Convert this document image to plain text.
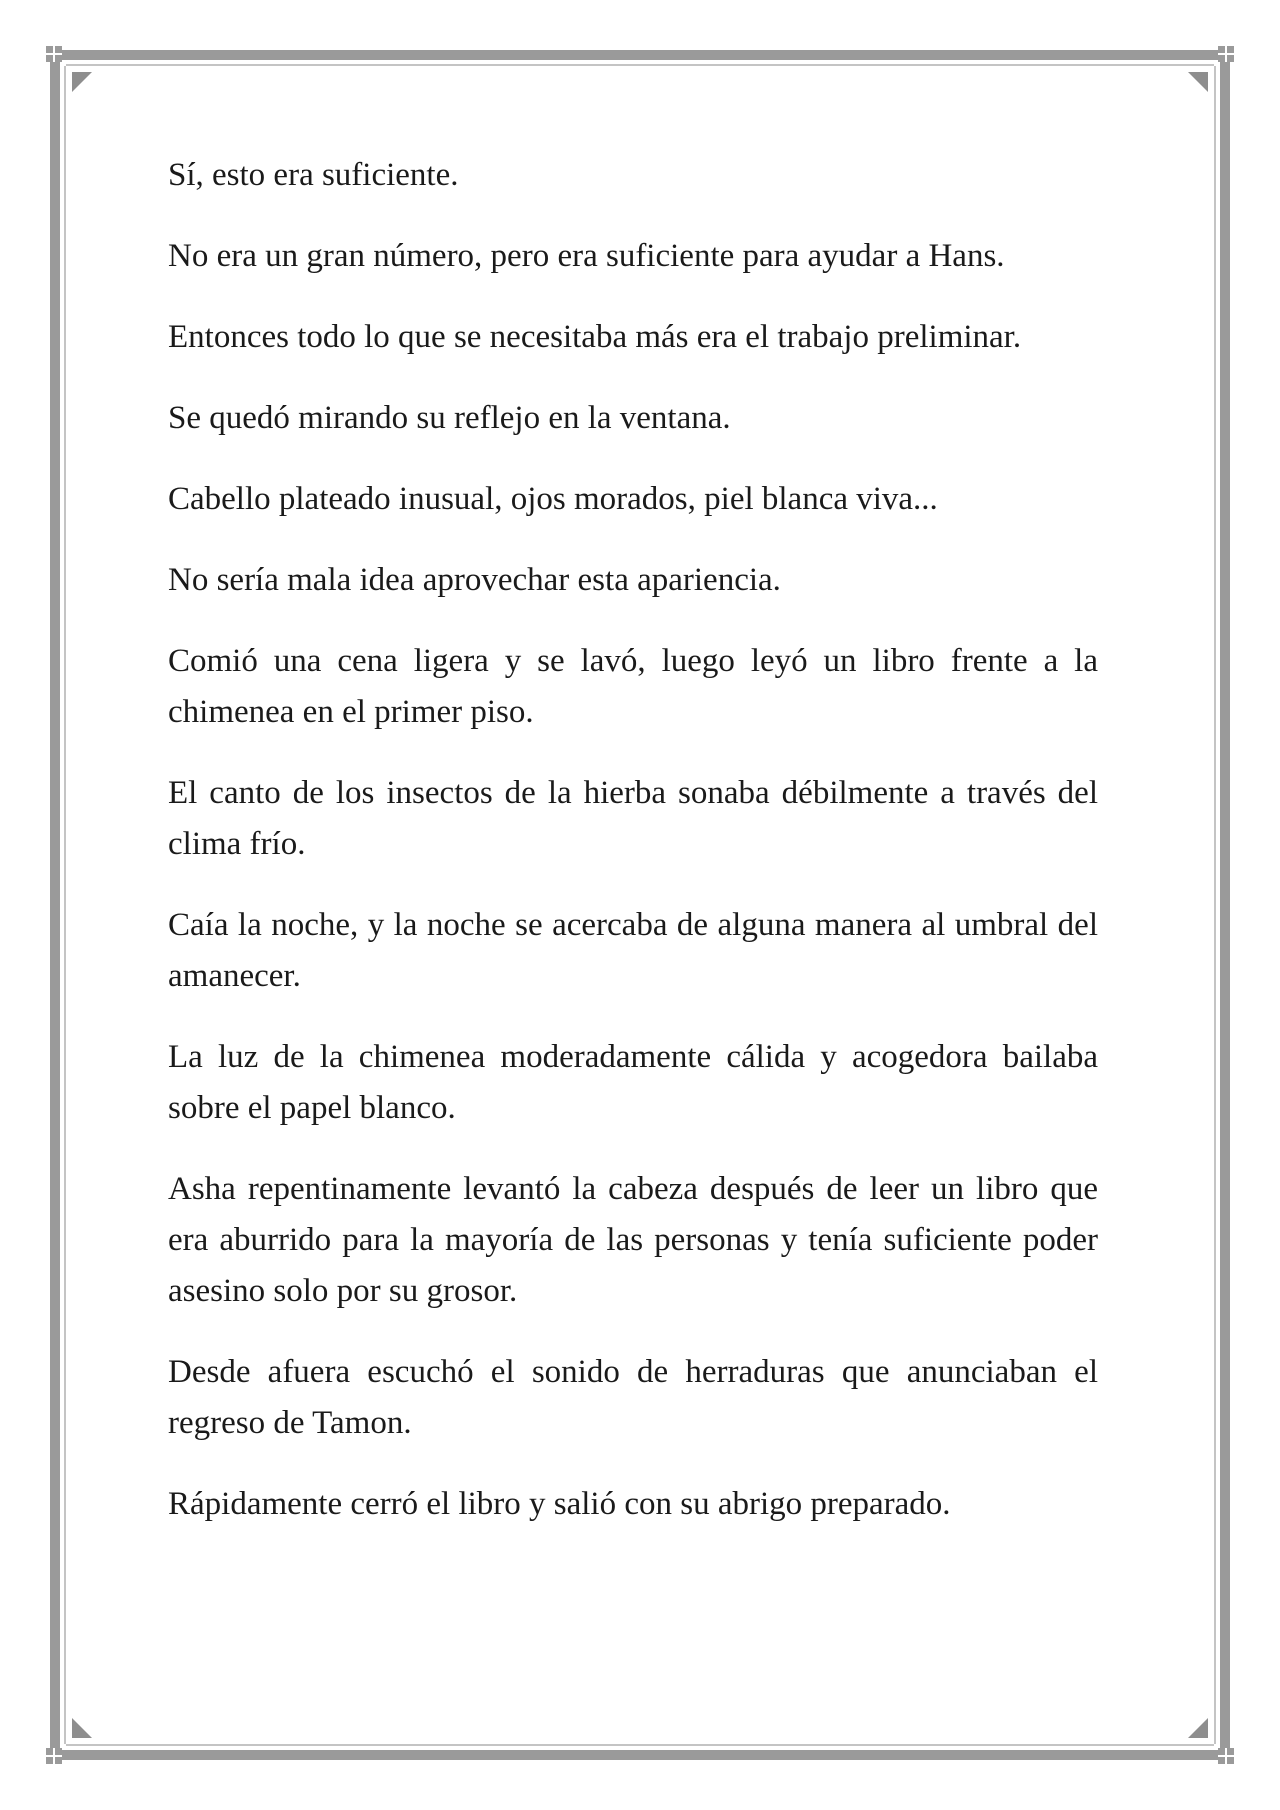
Sí, esto era suficiente.

No era un gran número, pero era suficiente para ayudar a Hans.

Entonces todo lo que se necesitaba más era el trabajo preliminar.

Se quedó mirando su reflejo en la ventana.

Cabello plateado inusual, ojos morados, piel blanca viva...

No sería mala idea aprovechar esta apariencia.

Comió una cena ligera y se lavó, luego leyó un libro frente a la chimenea en el primer piso.

El canto de los insectos de la hierba sonaba débilmente a través del clima frío.

Caía la noche, y la noche se acercaba de alguna manera al umbral del amanecer.

La luz de la chimenea moderadamente cálida y acogedora bailaba sobre el papel blanco.

Asha repentinamente levantó la cabeza después de leer un libro que era aburrido para la mayoría de las personas y tenía suficiente poder asesino solo por su grosor.

Desde afuera escuchó el sonido de herraduras que anunciaban el regreso de Tamon.

Rápidamente cerró el libro y salió con su abrigo preparado.
